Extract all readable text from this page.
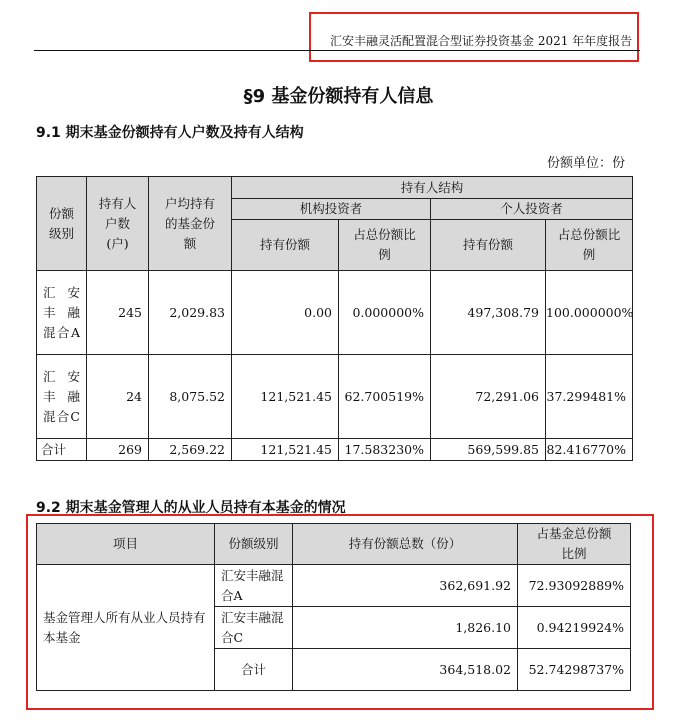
汇安丰融灵活配置混合型证券投资基金 2021 年年度报告
§9 基金份额持有人信息
9.1 期末基金份额持有人户数及持有人结构
份额单位：份
份额级别	持有人户数(户)	户均持有的基金份额	持有人结构			
			机构投资者		个人投资者	
			持有份额	占总份额比例	持有份额	占总份额比例

汇安丰融混合A	245	2,029.83	0.00	0.000000%	497,308.79	100.000000%
汇安丰融混合C	24	8,075.52	121,521.45	62.700519%	72,291.06	37.299481%
合计	269	2,569.22	121,521.45	17.583230%	569,599.85	82.416770%
9.2 期末基金管理人的从业人员持有本基金的情况
项目	份额级别	持有份额总数（份）	占基金总份额比例

基金管理人所有从业人员持有本基金	汇安丰融混合A	362,691.92	72.93092889%
	汇安丰融混合C	1,826.10	0.94219924%
	合计	364,518.02	52.74298737%
